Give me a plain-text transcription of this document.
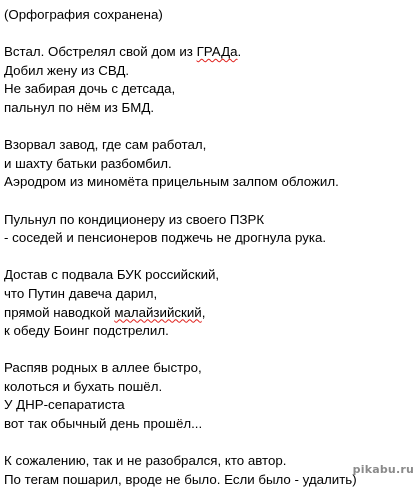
(Орфография сохранена)
Встал. Обстрелял свой дом из ГРАДа.
Добил жену из СВД.
Не забирая дочь с детсада,
пальнул по нём из БМД.
Взорвал завод, где сам работал,
и шахту батьки разбомбил.
Аэродром из миномёта прицельным залпом обложил.
Пульнул по кондиционеру из своего ПЗРК
- соседей и пенсионеров поджечь не дрогнула рука.
Достав с подвала БУК российский,
что Путин давеча дарил,
прямой наводкой малайзийский,
к обеду Боинг подстрелил.
Распяв родных в аллее быстро,
колоться и бухать пошёл.
У ДНР-сепаратиста
вот так обычный день прошёл...
К сожалению, так и не разобрался, кто автор.
По тегам пошарил, вроде не было. Если было - удалить)
pikabu.ru
